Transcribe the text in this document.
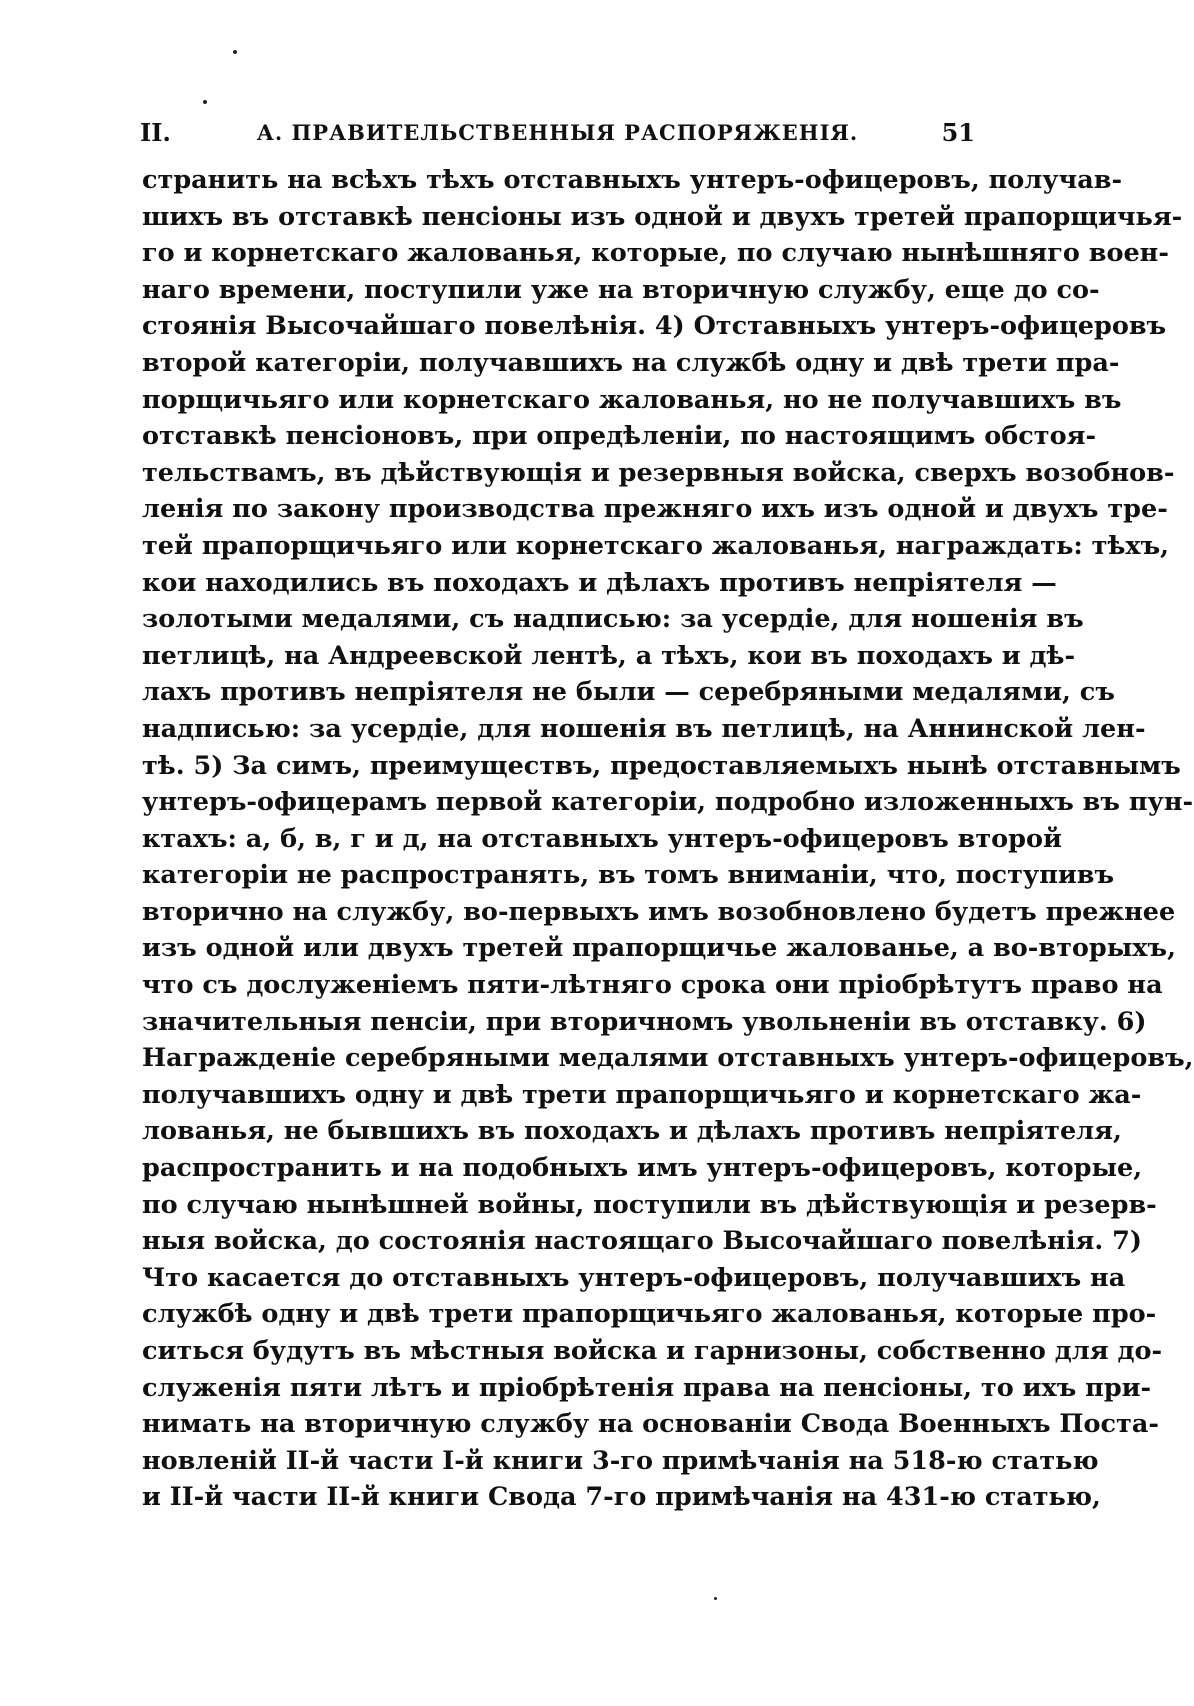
II.	А. ПРАВИТЕЛЬСТВЕННЫЯ РАСПОРЯЖЕНІЯ.	51
странить на всѣхъ тѣхъ отставныхъ унтеръ-офицеровъ, получав-
шихъ въ отставкѣ пенсіоны изъ одной и двухъ третей прапорщичья-
го и корнетскаго жалованья, которые, по случаю нынѣшняго воен-
наго времени, поступили уже на вторичную службу, еще до со-
стоянія Высочайшаго повелѣнія. 4) Отставныхъ унтеръ-офицеровъ
второй категоріи, получавшихъ на службѣ одну и двѣ трети пра-
порщичьяго или корнетскаго жалованья, но не получавшихъ въ
отставкѣ пенсіоновъ, при опредѣленіи, по настоящимъ обстоя-
тельствамъ, въ дѣйствующія и резервныя войска, сверхъ возобнов-
ленія по закону производства прежняго ихъ изъ одной и двухъ тре-
тей прапорщичьяго или корнетскаго жалованья, награждать: тѣхъ,
кои находились въ походахъ и дѣлахъ противъ непріятеля —
золотыми медалями, съ надписью: за усердіе, для ношенія въ
петлицѣ, на Андреевской лентѣ, а тѣхъ, кои въ походахъ и дѣ-
лахъ противъ непріятеля не были — серебряными медалями, съ
надписью: за усердіе, для ношенія въ петлицѣ, на Аннинской лен-
тѣ. 5) За симъ, преимуществъ, предоставляемыхъ нынѣ отставнымъ
унтеръ-офицерамъ первой категоріи, подробно изложенныхъ въ пун-
ктахъ: а, б, в, г и д, на отставныхъ унтеръ-офицеровъ второй
категоріи не распространять, въ томъ вниманіи, что, поступивъ
вторично на службу, во-первыхъ имъ возобновлено будетъ прежнее
изъ одной или двухъ третей прапорщичье жалованье, а во-вторыхъ,
что съ дослуженіемъ пяти-лѣтняго срока они пріобрѣтутъ право на
значительныя пенсіи, при вторичномъ увольненіи въ отставку. 6)
Награжденіе серебряными медалями отставныхъ унтеръ-офицеровъ,
получавшихъ одну и двѣ трети прапорщичьяго и корнетскаго жа-
лованья, не бывшихъ въ походахъ и дѣлахъ противъ непріятеля,
распространить и на подобныхъ имъ унтеръ-офицеровъ, которые,
по случаю нынѣшней войны, поступили въ дѣйствующія и резерв-
ныя войска, до состоянія настоящаго Высочайшаго повелѣнія. 7)
Что касается до отставныхъ унтеръ-офицеровъ, получавшихъ на
службѣ одну и двѣ трети прапорщичьяго жалованья, которые про-
ситься будутъ въ мѣстныя войска и гарнизоны, собственно для до-
служенія пяти лѣтъ и пріобрѣтенія права на пенсіоны, то ихъ при-
нимать на вторичную службу на основаніи Свода Военныхъ Поста-
новленій II-й части I-й книги 3-го примѣчанія на 518-ю статью
и II-й части II-й книги Свода 7-го примѣчанія на 431-ю статью,
